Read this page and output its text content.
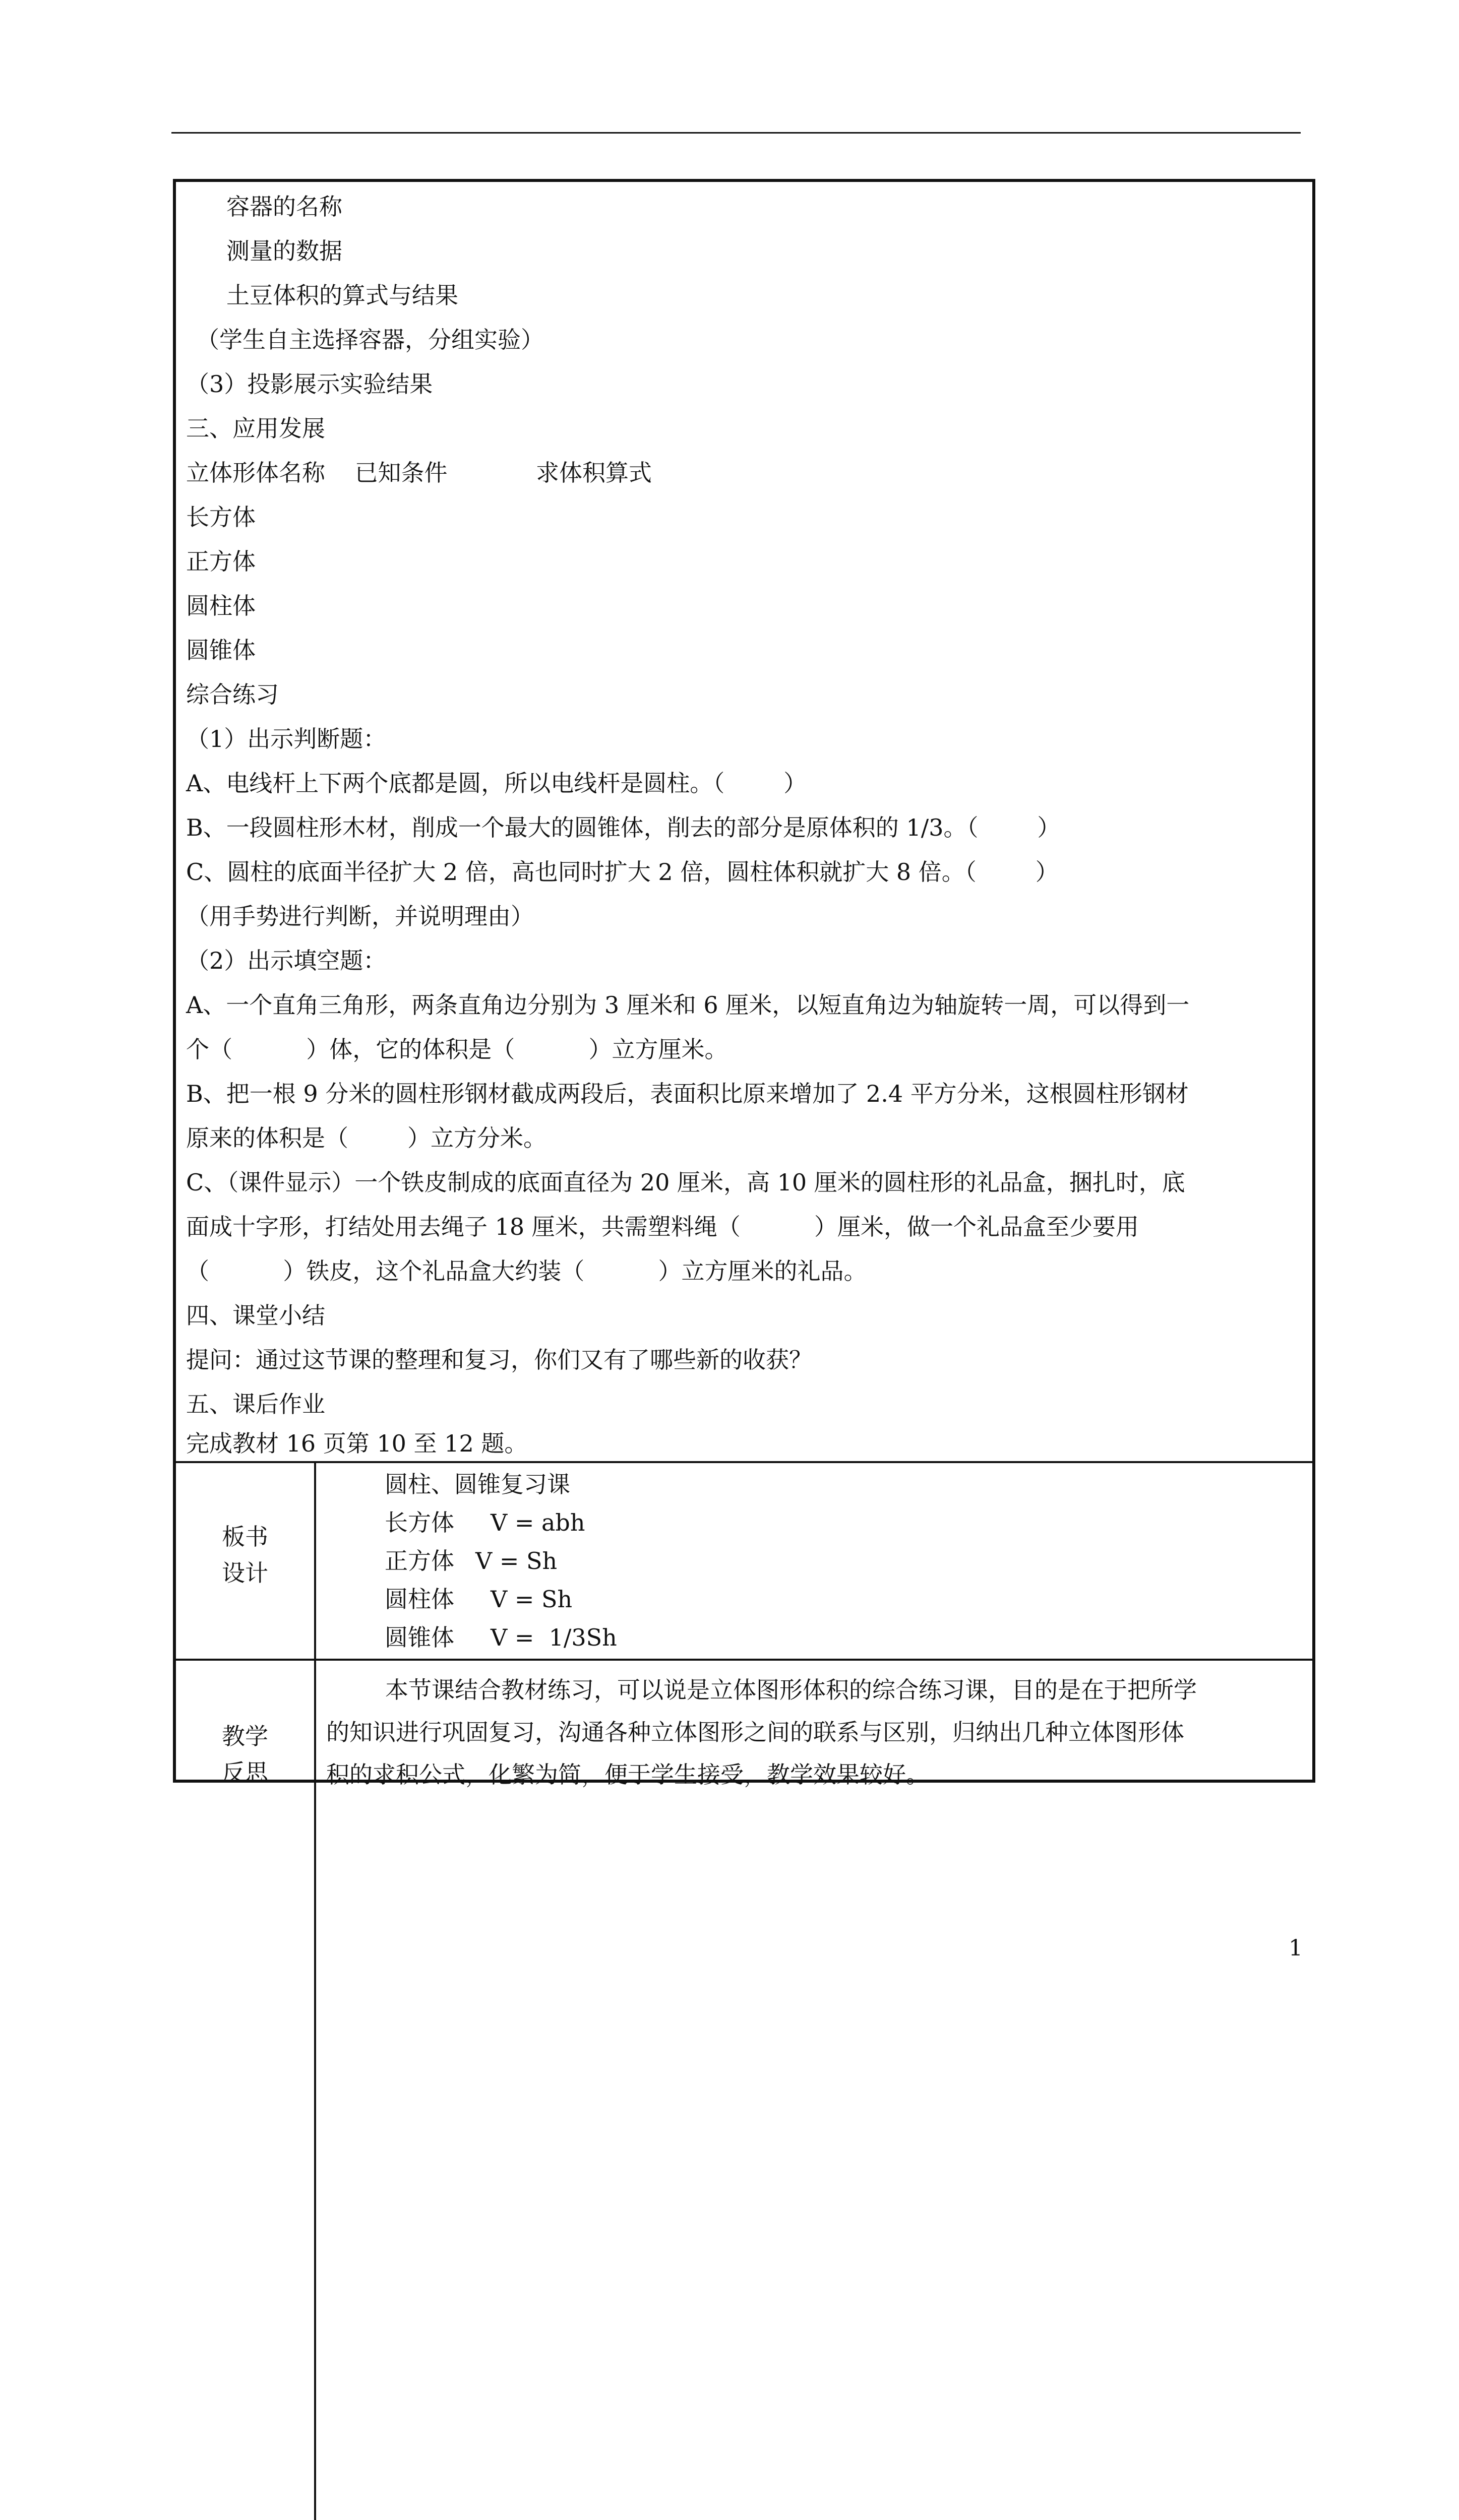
容器的名称
测量的数据
土豆体积的算式与结果
（学生自主选择容器，分组实验）
（3）投影展示实验结果
三、应用发展
立体形体名称    已知条件            求体积算式
长方体
正方体
圆柱体
圆锥体
综合练习
（1）出示判断题：
A、电线杆上下两个底都是圆，所以电线杆是圆柱。（        ）
B、一段圆柱形木材，削成一个最大的圆锥体，削去的部分是原体积的 1/3。（        ）
C、圆柱的底面半径扩大 2 倍，高也同时扩大 2 倍，圆柱体积就扩大 8 倍。（        ）
（用手势进行判断，并说明理由）
（2）出示填空题：
A、一个直角三角形，两条直角边分别为 3 厘米和 6 厘米，以短直角边为轴旋转一周，可以得到一
个（          ）体，它的体积是（          ）立方厘米。
B、把一根 9 分米的圆柱形钢材截成两段后，表面积比原来增加了 2.4 平方分米，这根圆柱形钢材
原来的体积是（        ）立方分米。
C、（课件显示）一个铁皮制成的底面直径为 20 厘米，高 10 厘米的圆柱形的礼品盒，捆扎时，底
面成十字形，打结处用去绳子 18 厘米，共需塑料绳（          ）厘米，做一个礼品盒至少要用
（          ）铁皮，这个礼品盒大约装（          ）立方厘米的礼品。
四、课堂小结
提问：通过这节课的整理和复习，你们又有了哪些新的收获？
五、课后作业
完成教材 16 页第 10 至 12 题。
板书
设计
圆柱、圆锥复习课
长方体	V = abh
正方体 V = Sh
圆柱体	V = Sh
圆锥体	V =  1/3Sh
教学
反思
本节课结合教材练习，可以说是立体图形体积的综合练习课，目的是在于把所学
的知识进行巩固复习，沟通各种立体图形之间的联系与区别，归纳出几种立体图形体
积的求积公式，化繁为简，便于学生接受，教学效果较好。
1
